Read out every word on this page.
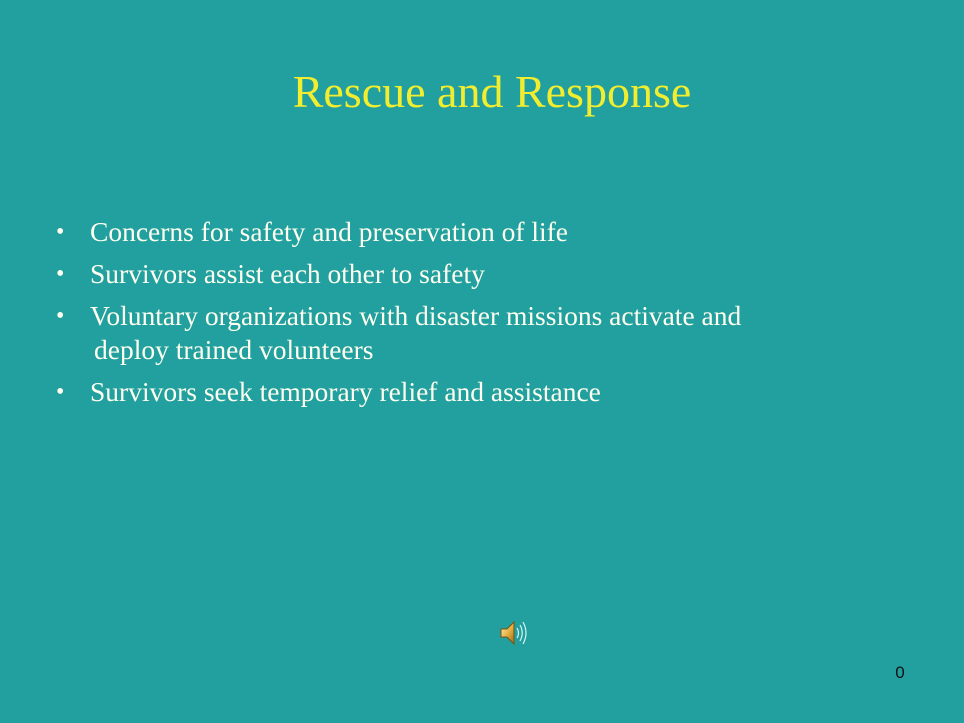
Rescue and Response
• Concerns for safety and preservation of life
• Survivors assist each other to safety
• Voluntary organizations with disaster missions activate and
deploy trained volunteers
• Survivors seek temporary relief and assistance
0
